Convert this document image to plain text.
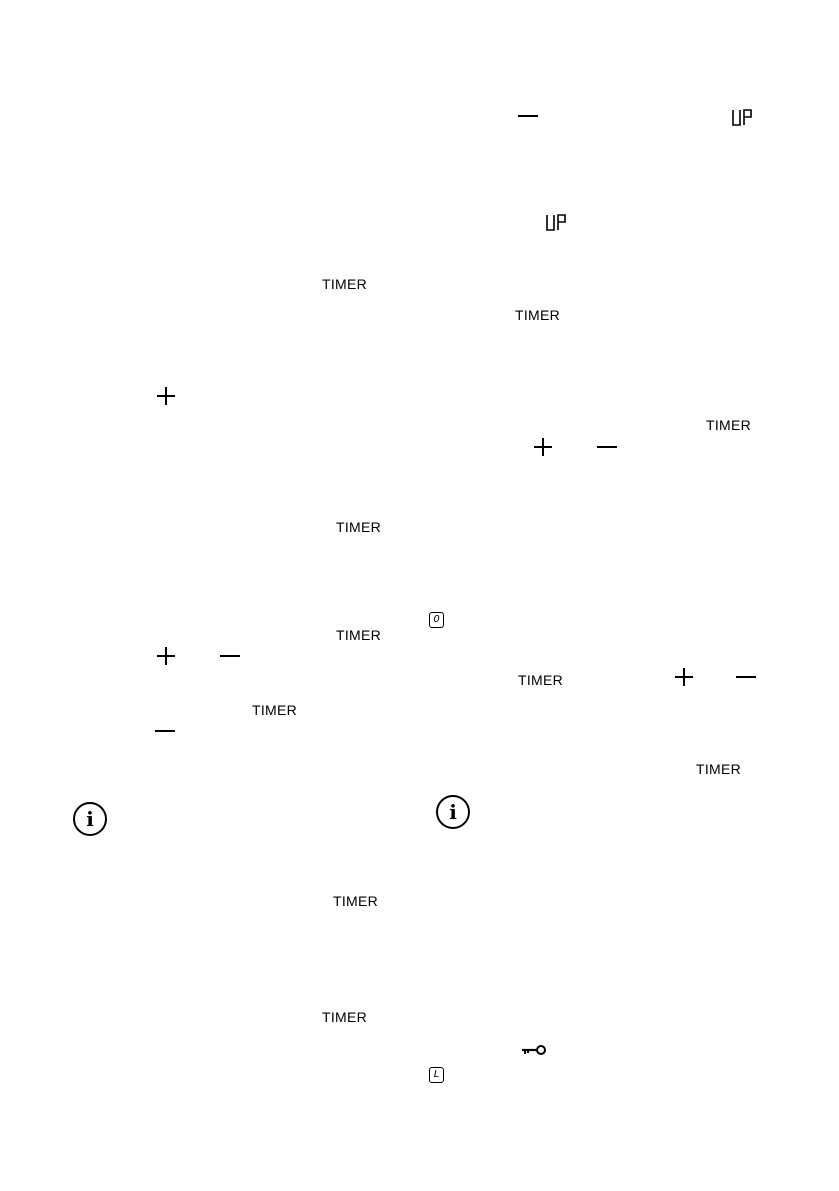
TIMER
TIMER
TIMER
TIMER
i
TIMER
TIMER
0
L
TIMER
TIMER
TIMER
TIMER
i
